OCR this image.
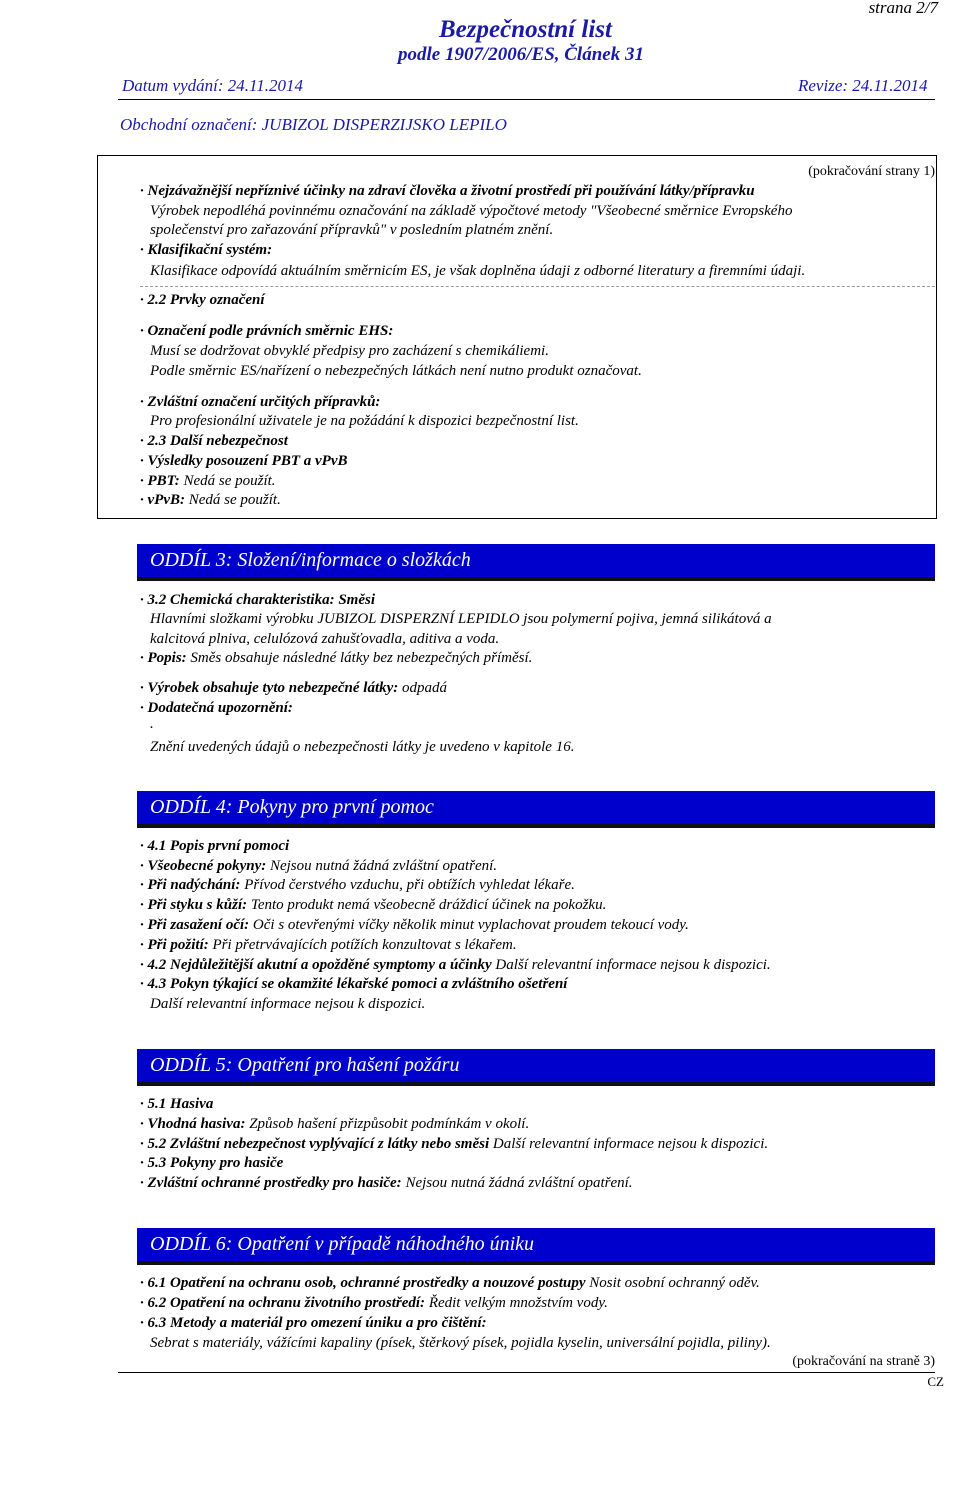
strana 2/7
Bezpečnostní list
podle 1907/2006/ES, Článek 31
Datum vydání: 24.11.2014	Revize: 24.11.2014
Obchodní označení: JUBIZOL DISPERZIJSKO LEPILO
(pokračování strany 1)
· Nejzávažnější nepříznivé účinky na zdraví člověka a životní prostředí při používání látky/přípravku
Výrobek nepodléhá povinnému označování na základě výpočtové metody "Všeobecné směrnice Evropského
společenství pro zařazování přípravků" v posledním platném znění.
· Klasifikační systém:
Klasifikace odpovídá aktuálním směrnicím ES, je však doplněna údaji z odborné literatury a firemními údaji.
· 2.2 Prvky označení
· Označení podle právních směrnic EHS:
Musí se dodržovat obvyklé předpisy pro zacházení s chemikáliemi.
Podle směrnic ES/nařízení o nebezpečných látkách není nutno produkt označovat.
· Zvláštní označení určitých přípravků:
Pro profesionální uživatele je na požádání k dispozici bezpečnostní list.
· 2.3 Další nebezpečnost
· Výsledky posouzení PBT a vPvB
· PBT: Nedá se použít.
· vPvB: Nedá se použít.
ODDÍL 3: Složení/informace o složkách
· 3.2 Chemická charakteristika: Směsi
Hlavními složkami výrobku JUBIZOL DISPERZNÍ LEPIDLO jsou polymerní pojiva, jemná silikátová a
kalcitová plniva, celulózová zahušťovadla, aditiva a voda.
· Popis: Směs obsahuje následné látky bez nebezpečných příměsí.
· Výrobek obsahuje tyto nebezpečné látky: odpadá
· Dodatečná upozornění:
.
Znění uvedených údajů o nebezpečnosti látky je uvedeno v kapitole 16.
ODDÍL 4: Pokyny pro první pomoc
· 4.1 Popis první pomoci
· Všeobecné pokyny: Nejsou nutná žádná zvláštní opatření.
· Při nadýchání: Přívod čerstvého vzduchu, při obtížích vyhledat lékaře.
· Při styku s kůží: Tento produkt nemá všeobecně dráždicí účinek na pokožku.
· Při zasažení očí: Oči s otevřenými víčky několik minut vyplachovat proudem tekoucí vody.
· Při požití: Při přetrvávajících potížích konzultovat s lékařem.
· 4.2 Nejdůležitější akutní a opožděné symptomy a účinky Další relevantní informace nejsou k dispozici.
· 4.3 Pokyn týkající se okamžité lékařské pomoci a zvláštního ošetření
Další relevantní informace nejsou k dispozici.
ODDÍL 5: Opatření pro hašení požáru
· 5.1 Hasiva
· Vhodná hasiva: Způsob hašení přizpůsobit podmínkám v okolí.
· 5.2 Zvláštní nebezpečnost vyplývající z látky nebo směsi Další relevantní informace nejsou k dispozici.
· 5.3 Pokyny pro hasiče
· Zvláštní ochranné prostředky pro hasiče: Nejsou nutná žádná zvláštní opatření.
ODDÍL 6: Opatření v případě náhodného úniku
· 6.1 Opatření na ochranu osob, ochranné prostředky a nouzové postupy Nosit osobní ochranný oděv.
· 6.2 Opatření na ochranu životního prostředí: Ředit velkým množstvím vody.
· 6.3 Metody a materiál pro omezení úniku a pro čištění:
Sebrat s materiály, vážícími kapaliny (písek, štěrkový písek, pojidla kyselin, universální pojidla, piliny).
(pokračování na straně 3)
CZ
